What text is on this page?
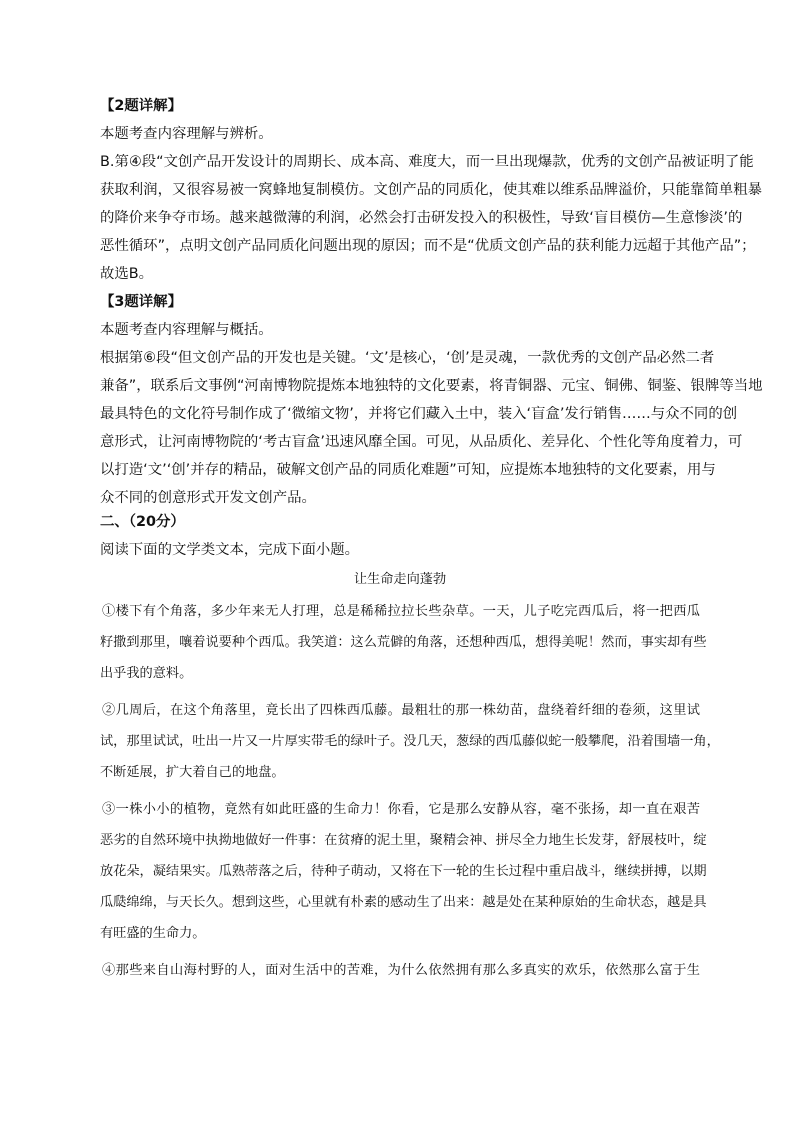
【2题详解】

本题考查内容理解与辨析。

B.第④段“文创产品开发设计的周期长、成本高、难度大，而一旦出现爆款，优秀的文创产品被证明了能

获取利润，又很容易被一窝蜂地复制模仿。文创产品的同质化，使其难以维系品牌溢价，只能靠简单粗暴

的降价来争夺市场。越来越微薄的利润，必然会打击研发投入的积极性，导致‘盲目模仿—生意惨淡’的

恶性循环”，点明文创产品同质化问题出现的原因；而不是“优质文创产品的获利能力远超于其他产品”；

故选B。

【3题详解】

本题考查内容理解与概括。

根据第⑥段“但文创产品的开发也是关键。‘文’是核心，‘创’是灵魂，一款优秀的文创产品必然二者

兼备”，联系后文事例“河南博物院提炼本地独特的文化要素，将青铜器、元宝、铜佛、铜鉴、银牌等当地

最具特色的文化符号制作成了‘微缩文物’，并将它们藏入土中，装入‘盲盒’发行销售……与众不同的创

意形式，让河南博物院的‘考古盲盒’迅速风靡全国。可见，从品质化、差异化、个性化等角度着力，可

以打造‘文’‘创’并存的精品，破解文创产品的同质化难题”可知，应提炼本地独特的文化要素，用与

众不同的创意形式开发文创产品。

二、（20分）

阅读下面的文学类文本，完成下面小题。

让生命走向蓬勃

①楼下有个角落，多少年来无人打理，总是稀稀拉拉长些杂草。一天，儿子吃完西瓜后，将一把西瓜

籽撒到那里，嚷着说要种个西瓜。我笑道：这么荒僻的角落，还想种西瓜，想得美呢！然而，事实却有些

出乎我的意料。

②几周后，在这个角落里，竟长出了四株西瓜藤。最粗壮的那一株幼苗，盘绕着纤细的卷须，这里试

试，那里试试，吐出一片又一片厚实带毛的绿叶子。没几天，葱绿的西瓜藤似蛇一般攀爬，沿着围墙一角，

不断延展，扩大着自己的地盘。

③一株小小的植物，竟然有如此旺盛的生命力！你看，它是那么安静从容，毫不张扬，却一直在艰苦

恶劣的自然环境中执拗地做好一件事：在贫瘠的泥土里，聚精会神、拼尽全力地生长发芽，舒展枝叶，绽

放花朵，凝结果实。瓜熟蒂落之后，待种子萌动，又将在下一轮的生长过程中重启战斗，继续拼搏，以期

瓜瓞绵绵，与天长久。想到这些，心里就有朴素的感动生了出来：越是处在某种原始的生命状态，越是具

有旺盛的生命力。

④那些来自山海村野的人，面对生活中的苦难，为什么依然拥有那么多真实的欢乐，依然那么富于生
